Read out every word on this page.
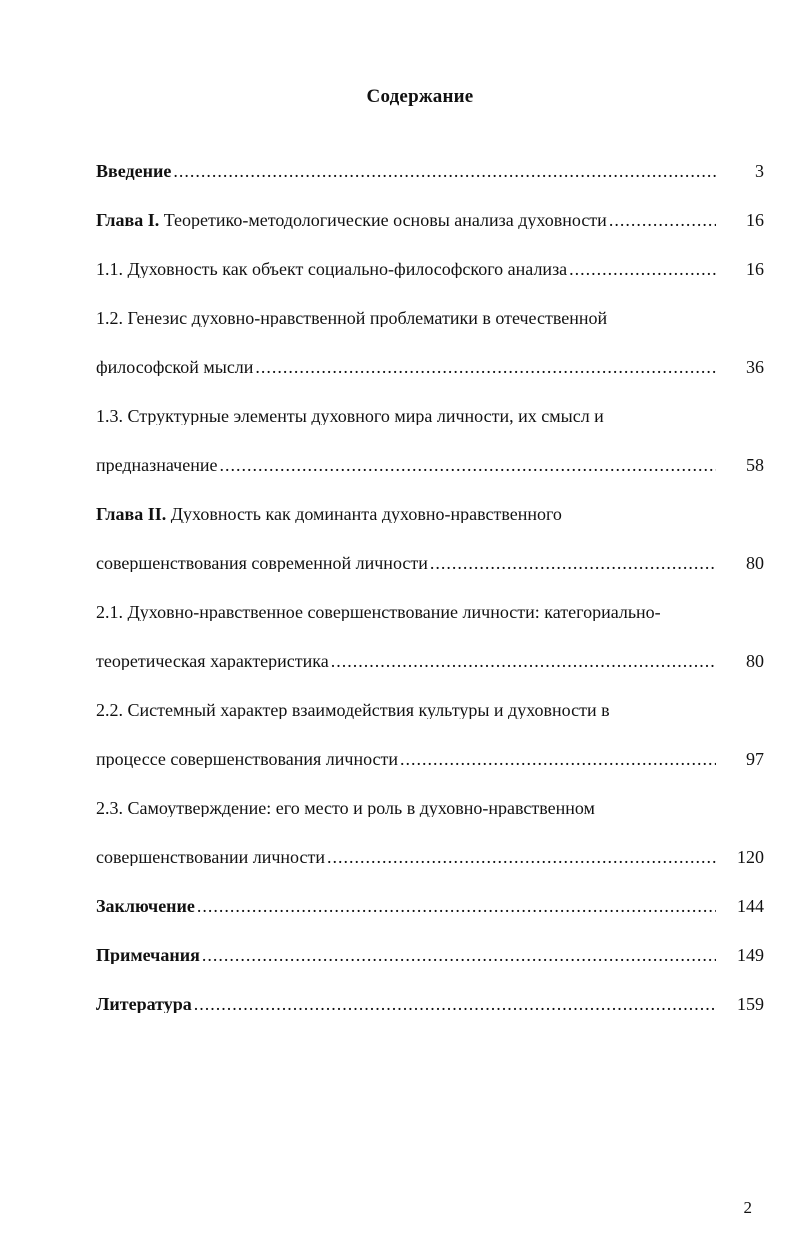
Содержание
Введение .....	3
Глава I. Теоретико-методологические основы анализа духовности .....	16
1.1. Духовность как объект социально-философского анализа .....	16
1.2. Генезис духовно-нравственной проблематики в отечественной
философской мысли .....	36
1.3. Структурные элементы духовного мира личности, их смысл и
предназначение .....	58
Глава II. Духовность как доминанта духовно-нравственного
совершенствования современной личности .....	80
2.1. Духовно-нравственное совершенствование личности: категориально-
теоретическая характеристика .....	80
2.2. Системный характер взаимодействия культуры и духовности в
процессе совершенствования личности .....	97
2.3. Самоутверждение: его место и роль в духовно-нравственном
совершенствовании личности .....	120
Заключение .....	144
Примечания .....	149
Литература .....	159
2
